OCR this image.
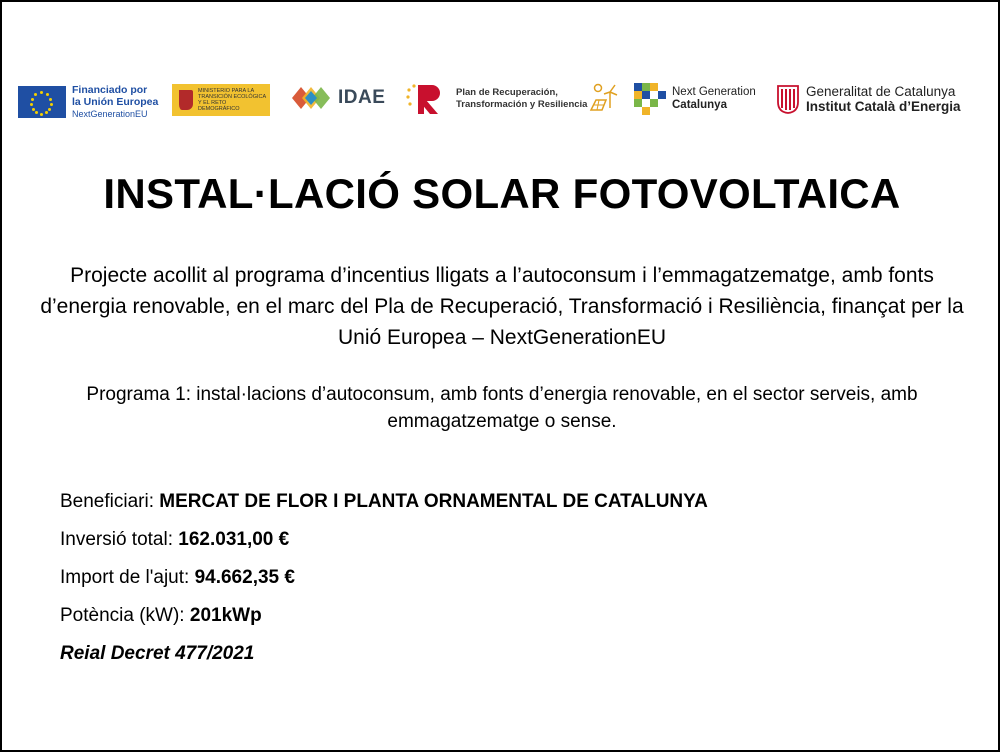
Financiado por
la Unión Europea
NextGenerationEU
MINISTERIO PARA LA TRANSICIÓN ECOLÓGICA Y EL RETO DEMOGRÁFICO
IDAE	Plan de Recuperación,
Transformación y Resiliencia
Next Generation
Catalunya
Generalitat de Catalunya
Institut Català d’Energia
INSTAL·LACIÓ SOLAR FOTOVOLTAICA
Projecte acollit al programa d’incentius lligats a l’autoconsum i l’emmagatzematge, amb fonts d’energia renovable, en el marc del Pla de Recuperació, Transformació i Resiliència, finançat per la Unió Europea – NextGenerationEU
Programa 1: instal·lacions d’autoconsum, amb fonts d’energia renovable, en el sector serveis, amb emmagatzematge o sense.
Beneficiari: MERCAT DE FLOR I PLANTA ORNAMENTAL DE CATALUNYA
Inversió total: 162.031,00 €
Import de l'ajut: 94.662,35 €
Potència (kW): 201kWp
Reial Decret 477/2021
